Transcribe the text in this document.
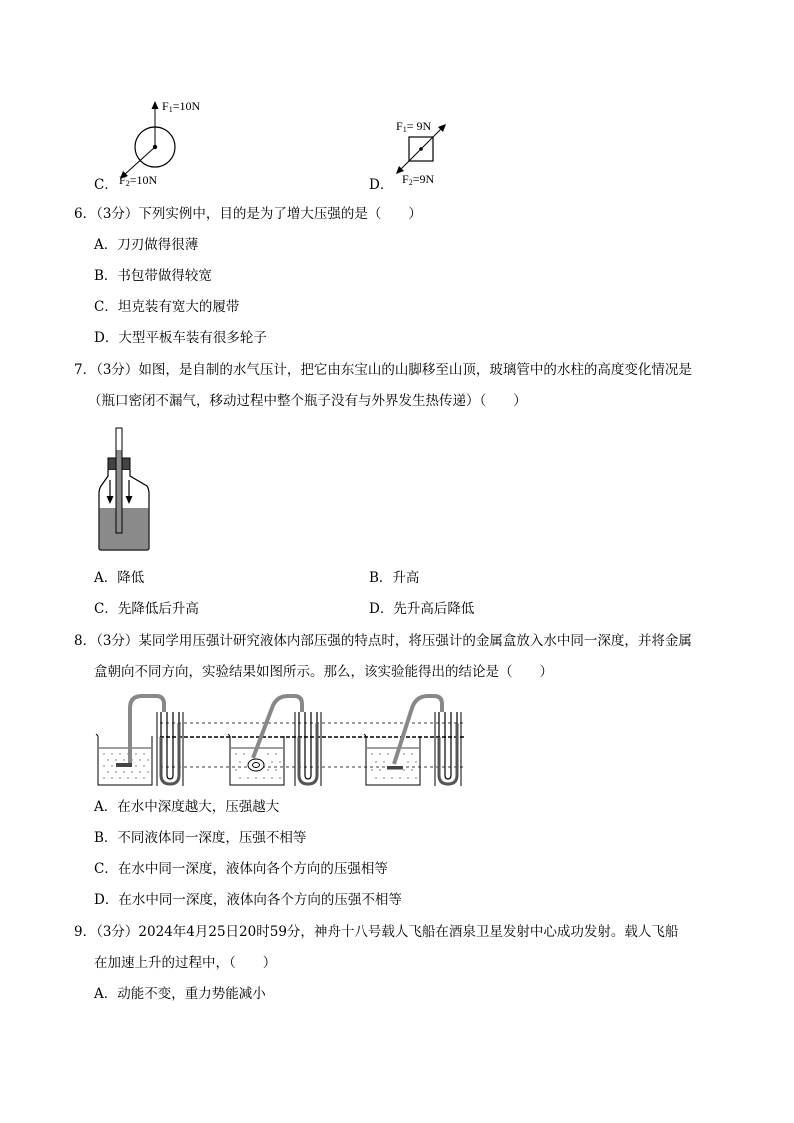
C．
$F_1=10N$
$F_2=10N$	D．
$F_1= 9N$
$F_2=9N$
6．（3分）下列实例中，目的是为了增大压强的是（　　）
A．刀刃做得很薄
B．书包带做得较宽
C．坦克装有宽大的履带
D．大型平板车装有很多轮子
7．（3分）如图，是自制的水气压计，把它由东宝山的山脚移至山顶，玻璃管中的水柱的高度变化情况是
（瓶口密闭不漏气，移动过程中整个瓶子没有与外界发生热传递）（　　）
A．降低	B．升高
C．先降低后升高	D．先升高后降低
8．（3分）某同学用压强计研究液体内部压强的特点时，将压强计的金属盒放入水中同一深度，并将金属
盒朝向不同方向，实验结果如图所示。那么，该实验能得出的结论是（　　）
A．在水中深度越大，压强越大
B．不同液体同一深度，压强不相等
C．在水中同一深度，液体向各个方向的压强相等
D．在水中同一深度，液体向各个方向的压强不相等
9．（3分）2024年4月25日20时59分，神舟十八号载人飞船在酒泉卫星发射中心成功发射。载人飞船
在加速上升的过程中，（　　）
A．动能不变，重力势能减小
